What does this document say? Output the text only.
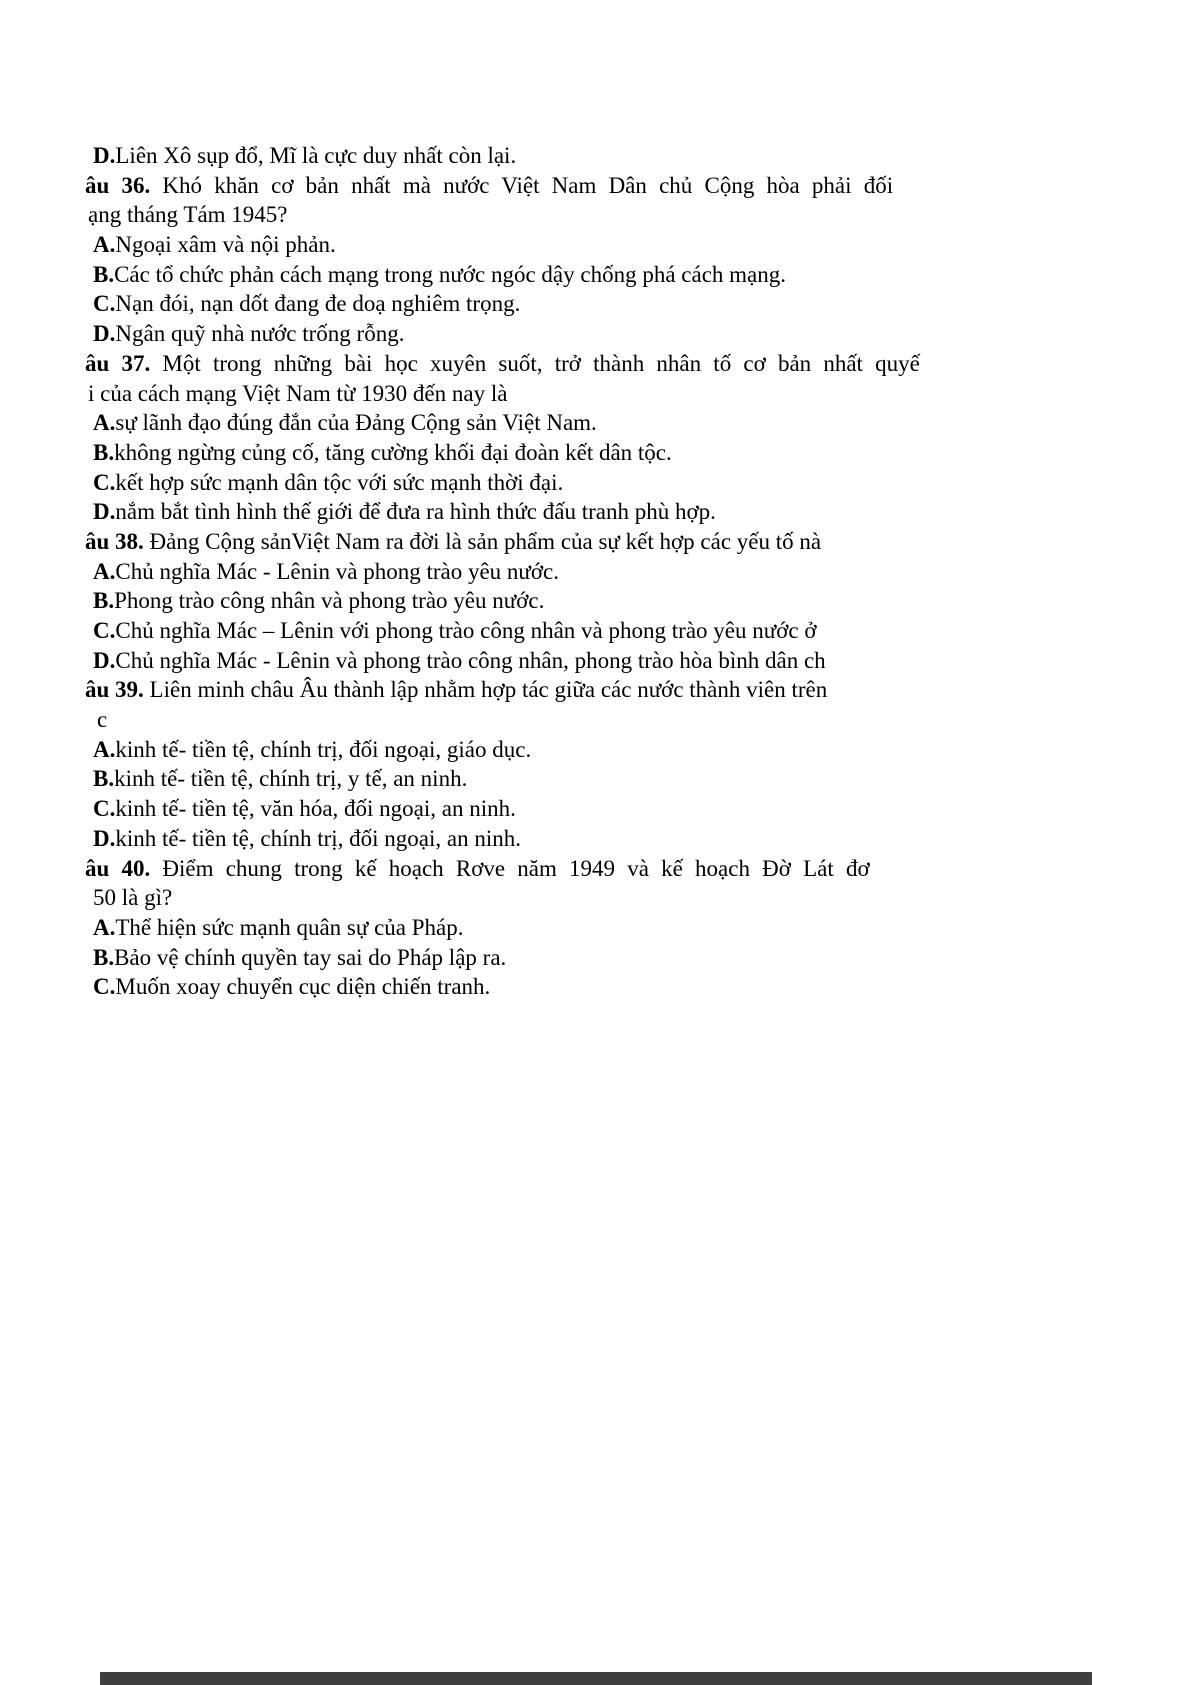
D.Liên Xô sụp đổ, Mĩ là cực duy nhất còn lại.
âu 36. Khó khăn cơ bản nhất mà nước Việt Nam Dân chủ Cộng hòa phải đối
ạng tháng Tám 1945?
A.Ngoại xâm và nội phản.
B.Các tổ chức phản cách mạng trong nước ngóc dậy chống phá cách mạng.
C.Nạn đói, nạn dốt đang đe doạ nghiêm trọng.
D.Ngân quỹ nhà nước trống rỗng.
âu 37. Một trong những bài học xuyên suốt, trở thành nhân tố cơ bản nhất quyế
i của cách mạng Việt Nam từ 1930 đến nay là
A.sự lãnh đạo đúng đắn của Đảng Cộng sản Việt Nam.
B.không ngừng củng cố, tăng cường khối đại đoàn kết dân tộc.
C.kết hợp sức mạnh dân tộc với sức mạnh thời đại.
D.nắm bắt tình hình thế giới để đưa ra hình thức đấu tranh phù hợp.
âu 38. Đảng Cộng sảnViệt Nam ra đời là sản phẩm của sự kết hợp các yếu tố nà
A.Chủ nghĩa Mác - Lênin và phong trào yêu nước.
B.Phong trào công nhân và phong trào yêu nước.
C.Chủ nghĩa Mác – Lênin với phong trào công nhân và phong trào yêu nước ở
D.Chủ nghĩa Mác - Lênin và phong trào công nhân, phong trào hòa bình dân ch
âu 39. Liên minh châu Âu thành lập nhằm hợp tác giữa các nước thành viên trên
c
A.kinh tế- tiền tệ, chính trị, đối ngoại, giáo dục.
B.kinh tế- tiền tệ, chính trị, y tế, an ninh.
C.kinh tế- tiền tệ, văn hóa, đối ngoại, an ninh.
D.kinh tế- tiền tệ, chính trị, đối ngoại, an ninh.
âu 40. Điểm chung trong kế hoạch Rơve năm 1949 và kế hoạch Đờ Lát đơ
50 là gì?
A.Thể hiện sức mạnh quân sự của Pháp.
B.Bảo vệ chính quyền tay sai do Pháp lập ra.
C.Muốn xoay chuyển cục diện chiến tranh.
